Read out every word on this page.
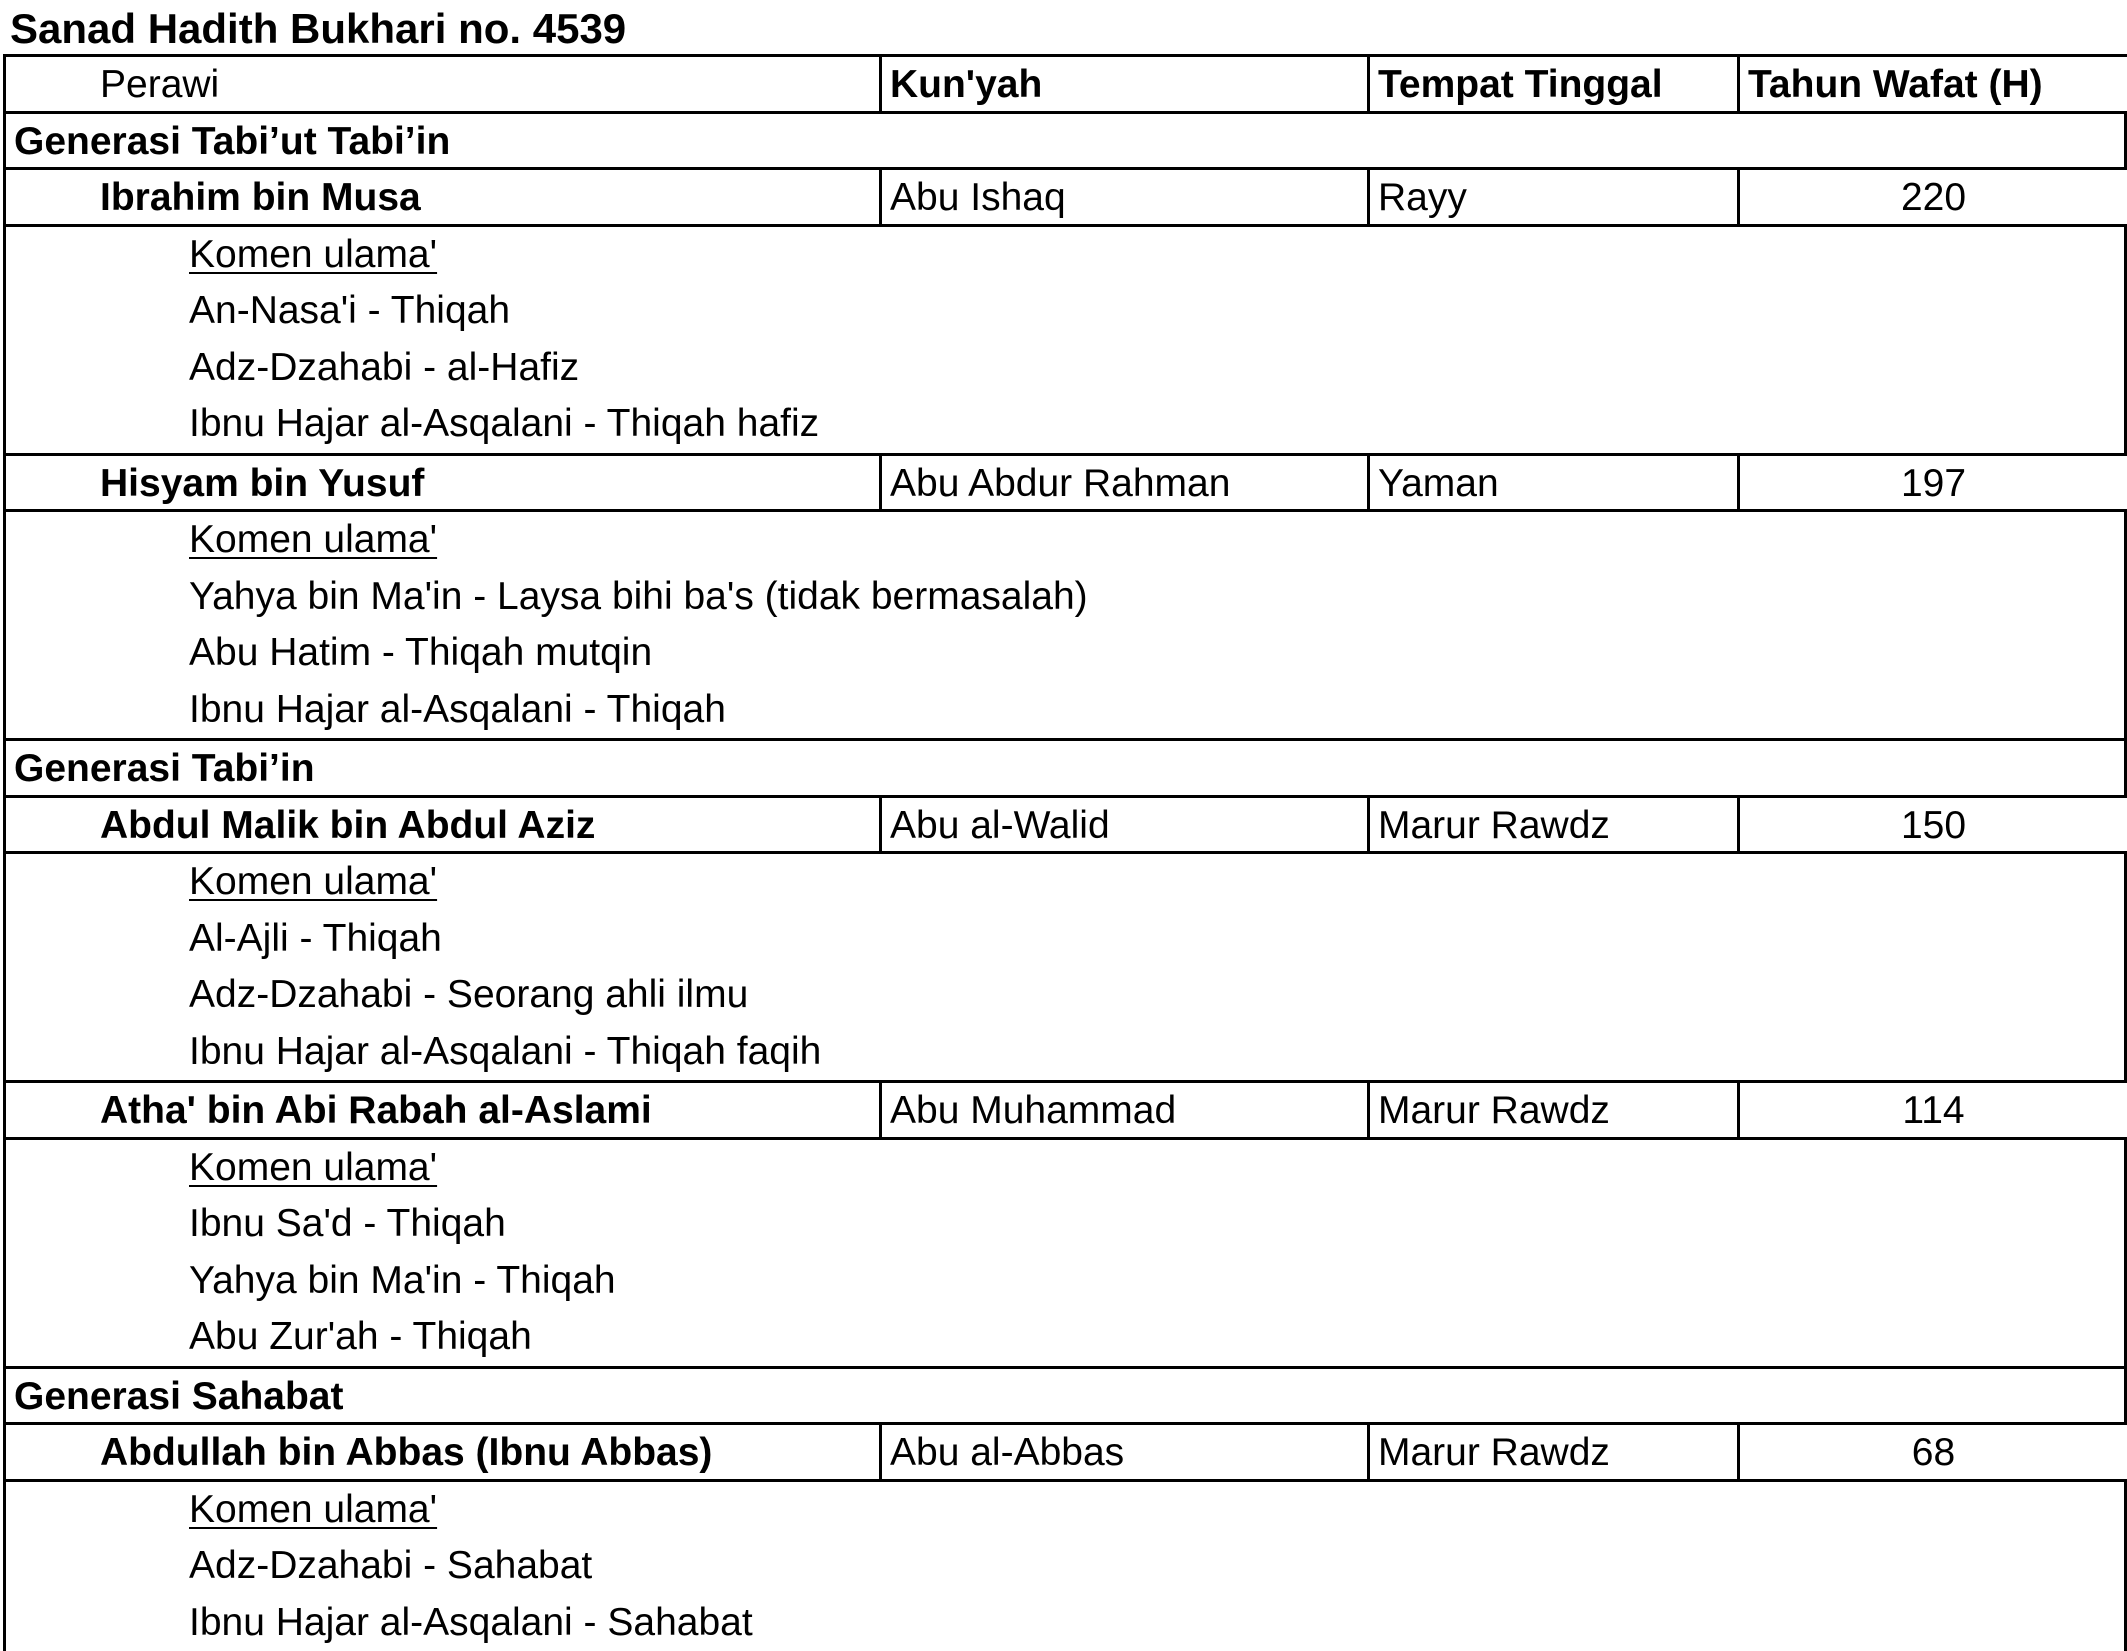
Sanad Hadith Bukhari no. 4539
Perawi	Kun'yah	Tempat Tinggal	Tahun Wafat (H)
Generasi Tabi’ut Tabi’in
Ibrahim bin Musa	Abu Ishaq	Rayy	220
Komen ulama'
An-Nasa'i - Thiqah
Adz-Dzahabi - al-Hafiz
Ibnu Hajar al-Asqalani - Thiqah hafiz
Hisyam bin Yusuf	Abu Abdur Rahman	Yaman	197
Komen ulama'
Yahya bin Ma'in - Laysa bihi ba's (tidak bermasalah)
Abu Hatim - Thiqah mutqin
Ibnu Hajar al-Asqalani - Thiqah
Generasi Tabi’in
Abdul Malik bin Abdul Aziz	Abu al-Walid	Marur Rawdz	150
Komen ulama'
Al-Ajli - Thiqah
Adz-Dzahabi - Seorang ahli ilmu
Ibnu Hajar al-Asqalani - Thiqah faqih
Atha' bin Abi Rabah al-Aslami	Abu Muhammad	Marur Rawdz	114
Komen ulama'
Ibnu Sa'd - Thiqah
Yahya bin Ma'in - Thiqah
Abu Zur'ah - Thiqah
Generasi Sahabat
Abdullah bin Abbas (Ibnu Abbas)	Abu al-Abbas	Marur Rawdz	68
Komen ulama'
Adz-Dzahabi - Sahabat
Ibnu Hajar al-Asqalani - Sahabat
